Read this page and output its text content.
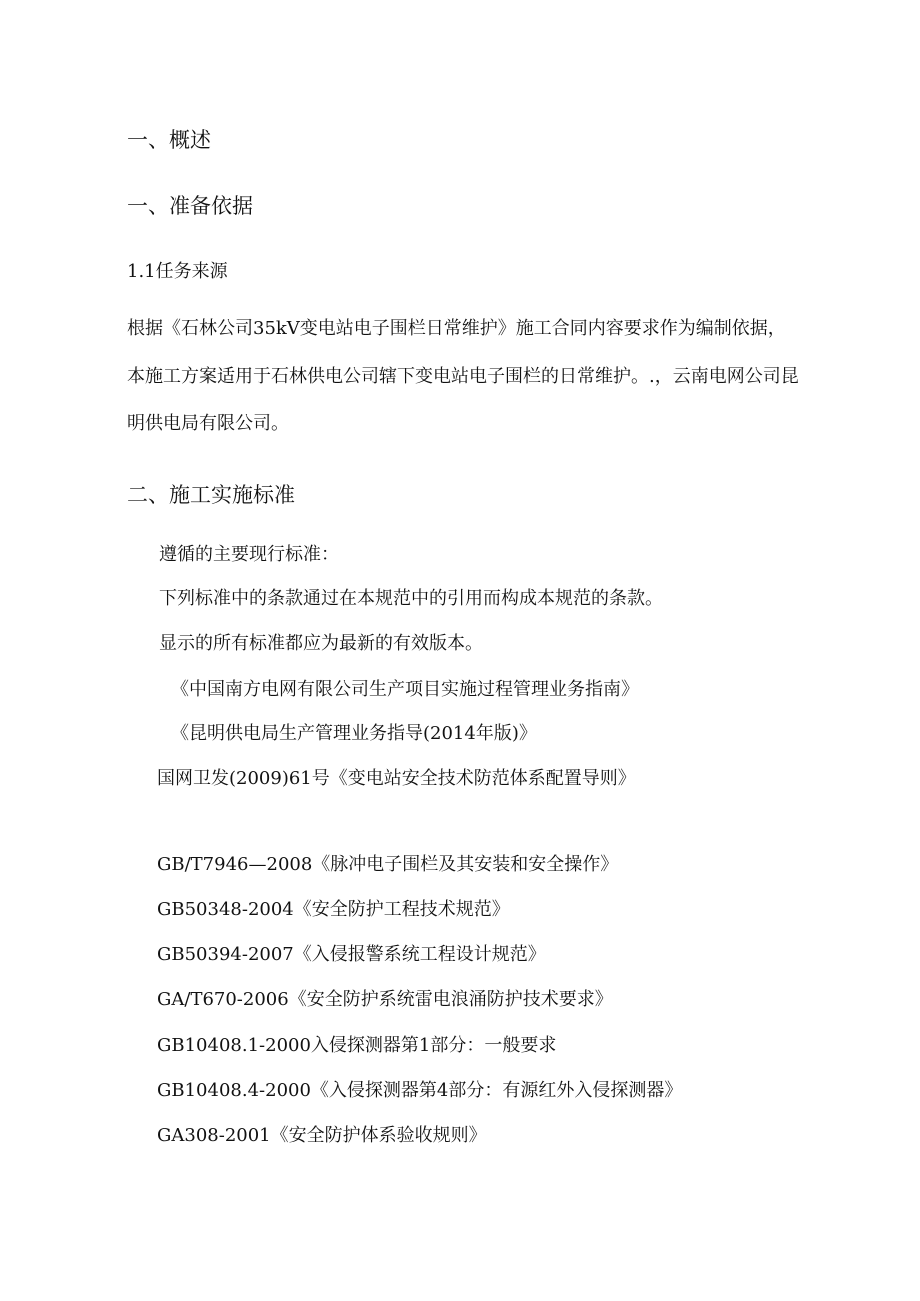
一、概述
一、准备依据

1.1任务来源

根据《石林公司35kV变电站电子围栏日常维护》施工合同内容要求作为编制依据，

本施工方案适用于石林供电公司辖下变电站电子围栏的日常维护。.，云南电网公司昆

明供电局有限公司。

二、施工实施标准

遵循的主要现行标准：

下列标准中的条款通过在本规范中的引用而构成本规范的条款。

显示的所有标准都应为最新的有效版本。

《中国南方电网有限公司生产项目实施过程管理业务指南》

《昆明供电局生产管理业务指导(2014年版)》

国网卫发(2009)61号《变电站安全技术防范体系配置导则》

GB/T7946—2008《脉冲电子围栏及其安装和安全操作》

GB50348-2004《安全防护工程技术规范》

GB50394-2007《入侵报警系统工程设计规范》

GA/T670-2006《安全防护系统雷电浪涌防护技术要求》

GB10408.1-2000入侵探测器第1部分：一般要求

GB10408.4-2000《入侵探测器第4部分：有源红外入侵探测器》

GA308-2001《安全防护体系验收规则》
